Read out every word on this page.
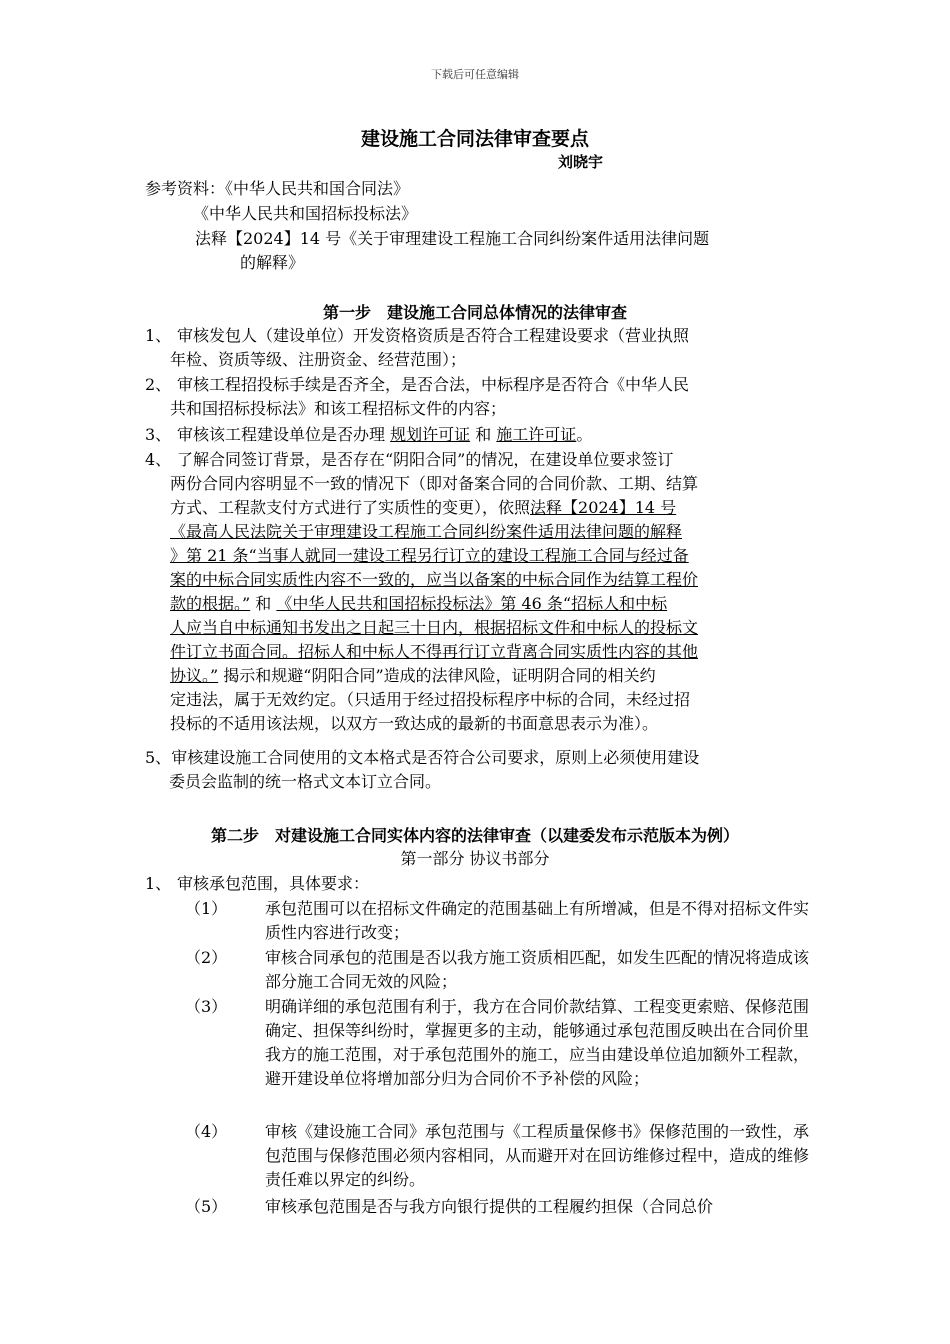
下载后可任意编辑
建设施工合同法律审查要点
刘晓宇
参考资料：《中华人民共和国合同法》
《中华人民共和国招标投标法》
法释【2024】14 号《关于审理建设工程施工合同纠纷案件适用法律问题
的解释》
第一步　建设施工合同总体情况的法律审查
1、 审核发包人（建设单位）开发资格资质是否符合工程建设要求（营业执照
年检、资质等级、注册资金、经营范围）；
2、 审核工程招投标手续是否齐全，是否合法，中标程序是否符合《中华人民
共和国招标投标法》和该工程招标文件的内容；
3、 审核该工程建设单位是否办理 规划许可证 和 施工许可证。
4、 了解合同签订背景，是否存在“阴阳合同”的情况，在建设单位要求签订
两份合同内容明显不一致的情况下（即对备案合同的合同价款、工期、结算
方式、工程款支付方式进行了实质性的变更），依照法释【2024】14 号
《最高人民法院关于审理建设工程施工合同纠纷案件适用法律问题的解释
》第 21 条“当事人就同一建设工程另行订立的建设工程施工合同与经过备
案的中标合同实质性内容不一致的，应当以备案的中标合同作为结算工程价
款的根据。” 和 《中华人民共和国招标投标法》第 46 条“招标人和中标
人应当自中标通知书发出之日起三十日内，根据招标文件和中标人的投标文
件订立书面合同。招标人和中标人不得再行订立背离合同实质性内容的其他
协议。” 揭示和规避“阴阳合同”造成的法律风险，证明阴合同的相关约
定违法，属于无效约定。（只适用于经过招投标程序中标的合同，未经过招
投标的不适用该法规，以双方一致达成的最新的书面意思表示为准）。
5、审核建设施工合同使用的文本格式是否符合公司要求，原则上必须使用建设
委员会监制的统一格式文本订立合同。
第二步　对建设施工合同实体内容的法律审查（以建委发布示范版本为例）
第一部分 协议书部分
1、 审核承包范围，具体要求：
（1）	承包范围可以在招标文件确定的范围基础上有所增减，但是不得对招标文件实质性内容进行改变；
（2）	审核合同承包的范围是否以我方施工资质相匹配，如发生匹配的情况将造成该部分施工合同无效的风险；
（3）	明确详细的承包范围有利于，我方在合同价款结算、工程变更索赔、保修范围确定、担保等纠纷时，掌握更多的主动，能够通过承包范围反映出在合同价里我方的施工范围，对于承包范围外的施工，应当由建设单位追加额外工程款，避开建设单位将增加部分归为合同价不予补偿的风险；
（4）	审核《建设施工合同》承包范围与《工程质量保修书》保修范围的一致性，承包范围与保修范围必须内容相同，从而避开对在回访维修过程中，造成的维修责任难以界定的纠纷。
（5）	审核承包范围是否与我方向银行提供的工程履约担保（合同总价
